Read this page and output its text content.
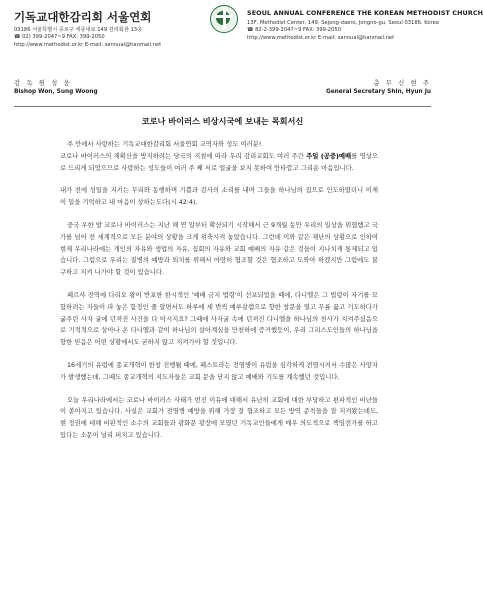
기독교대한감리회 서울연회
03186 서울특별시 종로구 세종대로 149 감리회관 13층
☎ 02) 399-2047~9 FAX: 399-2050
http://www.methodist.or.kr E-mail: sannual@hanmail.net
SEOUL ANNUAL CONFERENCE THE KOREAN METHODIST CHURCH
13F, Methodist Center, 149, Sejong-daero, Jongno-gu, Seoul 03186, Korea
☎ 82-2-399-2047~9 FAX: 399-2050
http://www.methodist.or.kr E-mail: sannual@hanmail.net
감 독 원 성 웅
Bishop Won, Sung Woong
총 무 신 현 주
General Secretary Shin, Hyun Ju
코로나 바이러스 비상시국에 보내는 목회서신

주 안에서 사랑하는 기독교대한감리회 서울연회 교역자와 성도 여러분!
코로나 바이러스의 재확산을 방지하려는 당국의 지침에 따라 우리 감리교회도 여러 주간 주일 (공중)예배를 영상으로 드리게 되었으므로 사랑하는 성도들이 여러 주 째 서로 얼굴을 보지 못하여 안타깝고 그리운 마음입니다.

내가 전에 성일을 지키는 무리와 동행하며 기쁨과 감사의 소리를 내며 그들을 하나님의 집으로 인도하였더니 이제 이 일을 기억하고 내 마음이 상하는도다(시 42:4).

중국 우한 발 코로나 바이러스는 지난 해 연 말부터 확산되기 시작해서 근 9개월 동안 우리의 일상을 위협했고 국가를 넘어 전 세계적으로 모든 분야의 상황을 크게 위축시켜 놓았습니다. 그런데 이와 같은 재난의 상황으로 인하여 현재 우리나라에는 개인의 자유와 생업의 자유, 집회의 자유와 교회 예배의 자유 같은 것들이 지나치게 통제되고 있습니다. 그럼으로 우리는 질병의 예방과 퇴치를 위해서 마땅히 협조할 것은 협조하고 도와야 하겠지만 그럼에도 불구하고 지켜 나가야 할 것이 있습니다.

페르샤 전역에 다리오 왕이 반포한 한시적인 '예배 금지 법령'이 선포되었을 때에, 다니엘은 그 법령이 자기를 모함하려는 자들이 파 놓은 함정인 줄 알면서도 하루에 세 번씩 예루살렘으로 향한 창문을 열고 무릎 꿇고 기도하다가 굶주린 사자 굴에 던져진 사건을 다 아시지요? 그때에 사자굴 속에 던져진 다니엘을 하나님의 천사가 지켜주셨음으로 기적적으로 살아나 온 다니엘과 같이 하나님의 살아계심을 만천하에 증거했듯이, 우리 그리스도인들의 하나님을 향한 믿음은 어떤 상황에서도 굳하지 않고 지켜가야 할 것입니다.

16세기의 유럽에 종교개혁이 한창 진행될 때에, 페스트라는 전염병이 유럽을 심각하게 전염시켜서 수많은 사망자가 발생했는데, 그때도 종교개혁의 지도자들은 교회 문을 닫지 않고 예배와 기도를 계속했던 것입니다.

오늘 우리나라에서는 코로나 바이러스 사태가 번진 이유에 대해서 유난히 교회에 대한 부당하고 편파적인 비난들이 쏟아지고 있습니다. 사실은 교회가 전염병 예방을 위해 가장 잘 협조하고 모든 방역 준칙들을 잘 지켜왔는데도, 현 정권에 대해 비판적인 소수의 교회들과 광화문 광장에 모였던 기독교인들에게 매우 의도적으로 책임전가를 하고 있다는 소문이 널리 퍼지고 있습니다.
